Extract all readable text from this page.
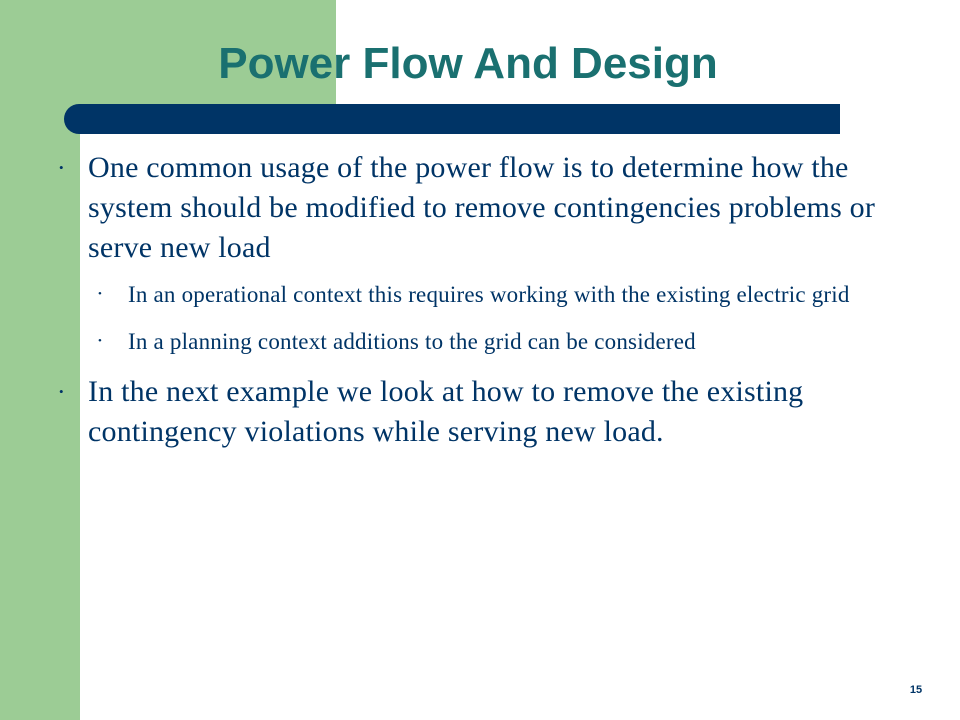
Power Flow And Design
• One common usage of the power flow is to determine how the system should be modified to remove contingencies problems or serve new load
• In an operational context this requires working with the existing electric grid
• In a planning context additions to the grid can be considered
• In the next example we look at how to remove the existing contingency violations while serving new load.
15
